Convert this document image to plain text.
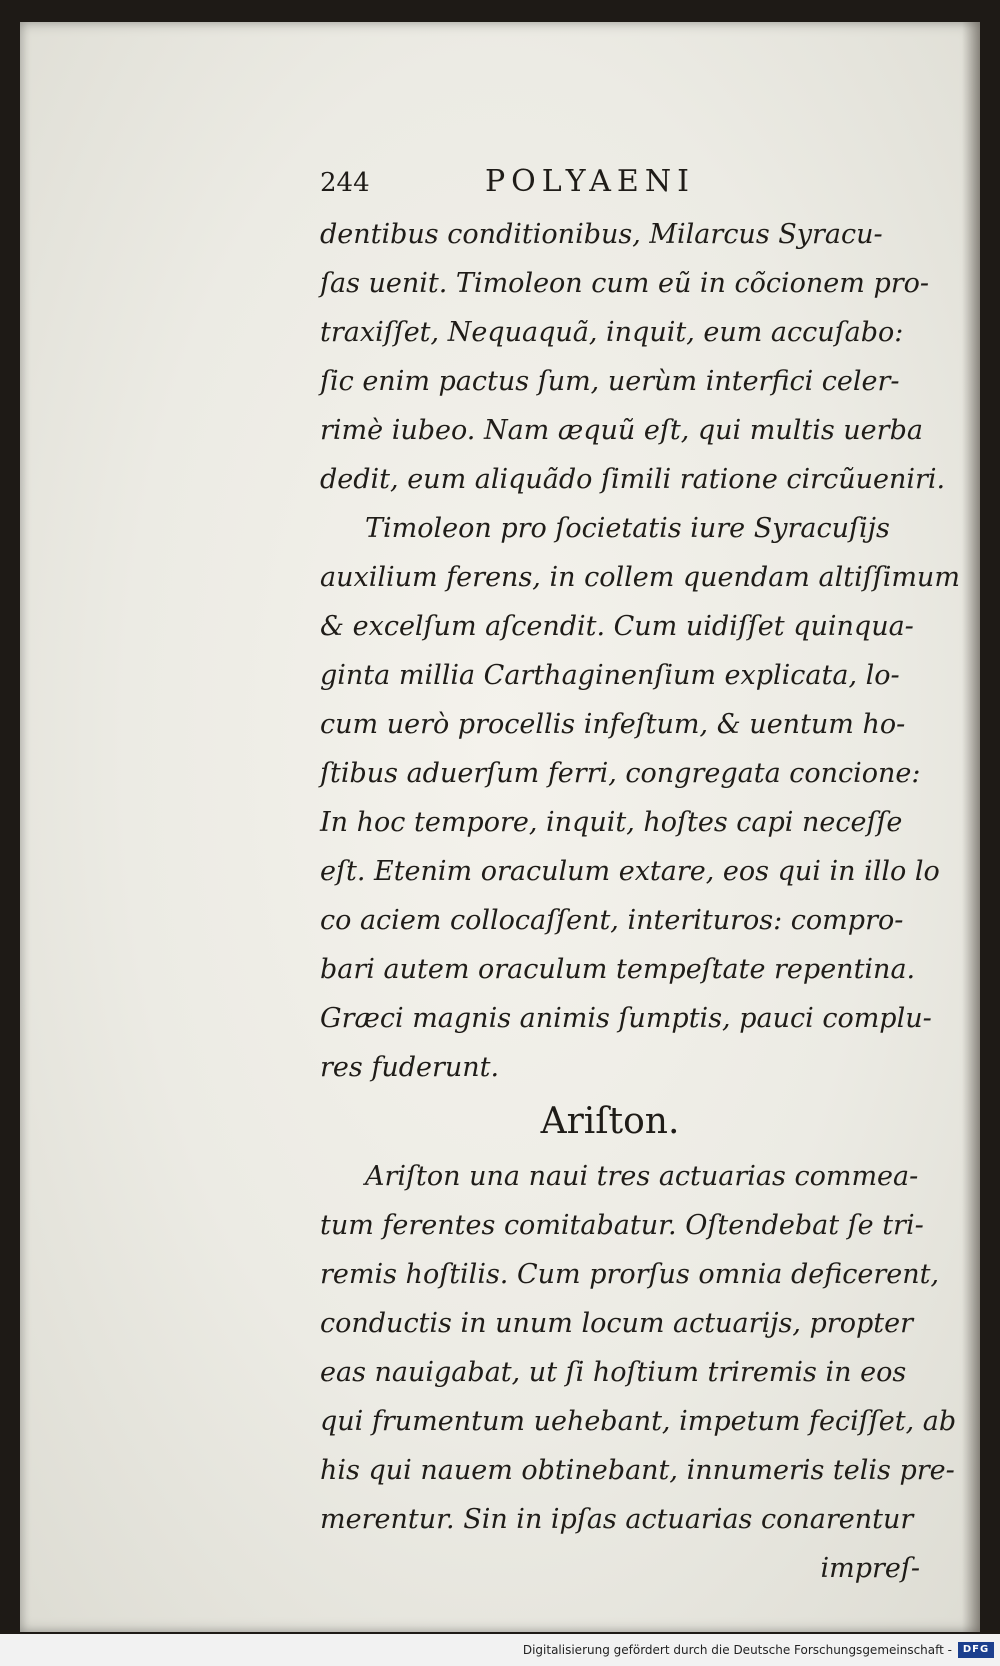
244	POLYAENI
dentibus conditionibus, Milarcus Syracu-
ſas uenit. Timoleon cum eũ in cõcionem pro-
traxiſſet, Nequaquã, inquit, eum accuſabo:
ſic enim pactus ſum, uerùm interfici celer-
rimè iubeo. Nam æquũ eſt, qui multis uerba
dedit, eum aliquãdo ſimili ratione circũueniri.
Timoleon pro ſocietatis iure Syracuſijs
auxilium ferens, in collem quendam altiſſimum
& excelſum aſcendit. Cum uidiſſet quinqua-
ginta millia Carthaginenſium explicata, lo-
cum uerò procellis infeſtum, & uentum ho-
ſtibus aduerſum ferri, congregata concione:
In hoc tempore, inquit, hoſtes capi neceſſe
eſt. Etenim oraculum extare, eos qui in illo lo
co aciem collocaſſent, interituros: compro-
bari autem oraculum tempeſtate repentina.
Græci magnis animis ſumptis, pauci complu-
res fuderunt.
Ariſton.
Ariſton una naui tres actuarias commea-
tum ferentes comitabatur. Oſtendebat ſe tri-
remis hoſtilis. Cum prorſus omnia deficerent,
conductis in unum locum actuarijs, propter
eas nauigabat, ut ſi hoſtium triremis in eos
qui frumentum uehebant, impetum feciſſet, ab
his qui nauem obtinebant, innumeris telis pre-
merentur. Sin in ipſas actuarias conarentur
impreſ-
Digitalisierung gefördert durch die Deutsche Forschungsgemeinschaft -	DFG
